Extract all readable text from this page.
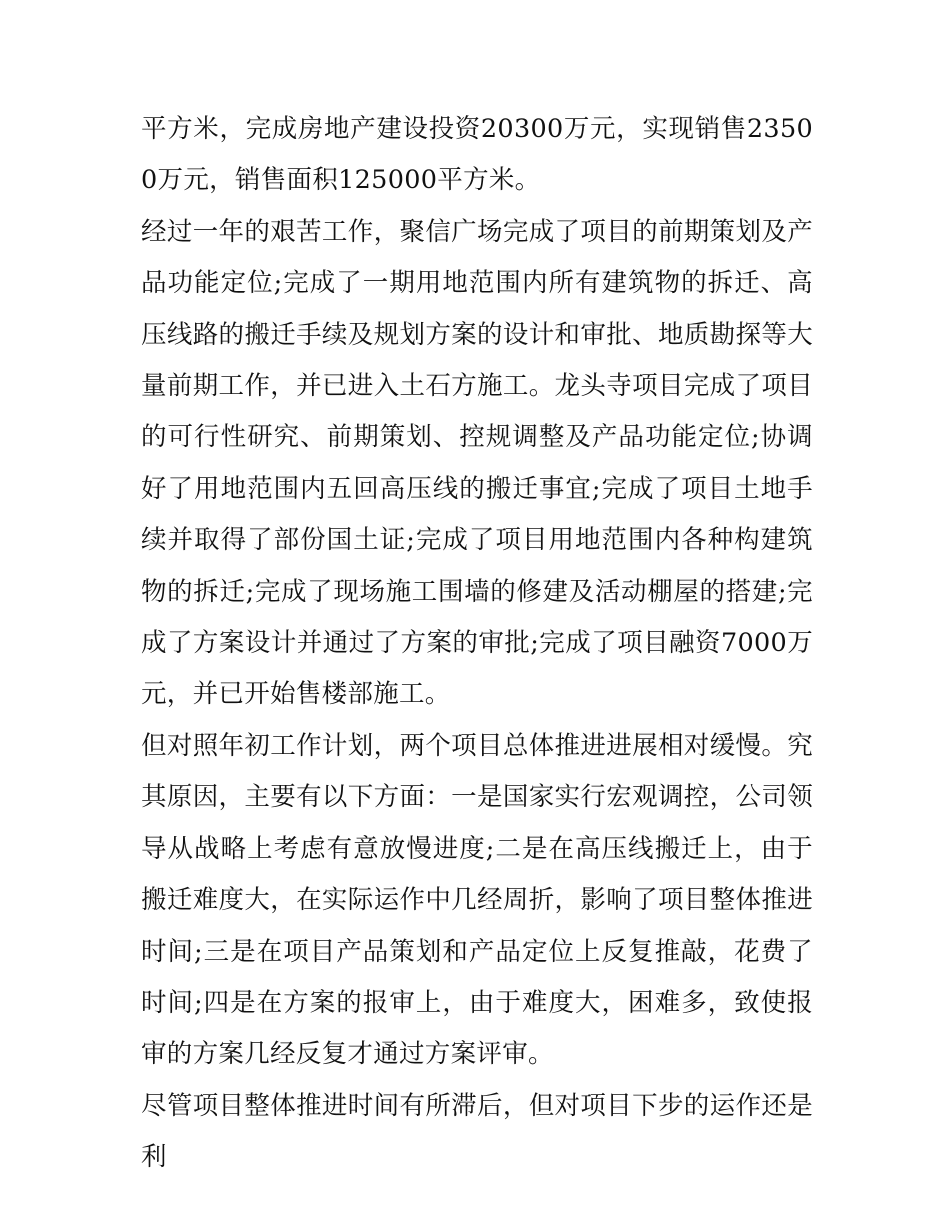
平方米，完成房地产建设投资20300万元，实现销售23500万元，销售面积125000平方米。

经过一年的艰苦工作，聚信广场完成了项目的前期策划及产品功能定位;完成了一期用地范围内所有建筑物的拆迁、高压线路的搬迁手续及规划方案的设计和审批、地质勘探等大量前期工作，并已进入土石方施工。龙头寺项目完成了项目的可行性研究、前期策划、控规调整及产品功能定位;协调好了用地范围内五回高压线的搬迁事宜;完成了项目土地手续并取得了部份国土证;完成了项目用地范围内各种构建筑物的拆迁;完成了现场施工围墙的修建及活动棚屋的搭建;完成了方案设计并通过了方案的审批;完成了项目融资7000万元，并已开始售楼部施工。

但对照年初工作计划，两个项目总体推进进展相对缓慢。究其原因，主要有以下方面：一是国家实行宏观调控，公司领导从战略上考虑有意放慢进度;二是在高压线搬迁上，由于搬迁难度大，在实际运作中几经周折，影响了项目整体推进时间;三是在项目产品策划和产品定位上反复推敲，花费了时间;四是在方案的报审上，由于难度大，困难多，致使报审的方案几经反复才通过方案评审。

尽管项目整体推进时间有所滞后，但对项目下步的运作还是利
